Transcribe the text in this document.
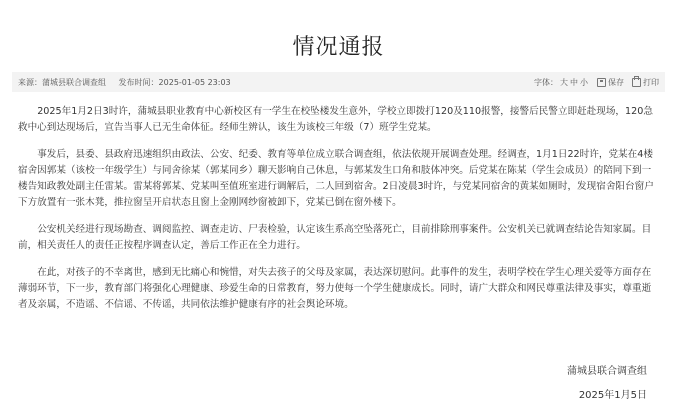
情况通报
来源：蒲城县联合调查组 发布时间：2025-01-05 23:03	字体： 大 中 小	保存 打印

2025年1月2日3时许，蒲城县职业教育中心新校区有一学生在校坠楼发生意外，学校立即拨打120及110报警，接警后民警立即赶赴现场，120急救中心到达现场后，宣告当事人已无生命体征。经师生辨认，该生为该校三年级（7）班学生党某。

事发后，县委、县政府迅速组织由政法、公安、纪委、教育等单位成立联合调查组，依法依规开展调查处理。经调查，1月1日22时许，党某在4楼宿舍因郭某（该校一年级学生）与同舍徐某（郭某同乡）聊天影响自己休息，与郭某发生口角和肢体冲突。后党某在陈某（学生会成员）的陪同下到一楼告知政教处副主任雷某。雷某将郭某、党某叫至值班室进行调解后，二人回到宿舍。2日凌晨3时许，与党某同宿舍的黄某如厕时，发现宿舍阳台窗户下方放置有一张木凳，推拉窗呈开启状态且窗上金刚网纱窗被卸下，党某已倒在窗外楼下。

公安机关经进行现场勘查、调阅监控、调查走访、尸表检验，认定该生系高空坠落死亡，目前排除刑事案件。公安机关已就调查结论告知家属。目前，相关责任人的责任正按程序调查认定，善后工作正在全力进行。

在此，对孩子的不幸离世，感到无比痛心和惋惜，对失去孩子的父母及家属，表达深切慰问。此事件的发生，表明学校在学生心理关爱等方面存在薄弱环节，下一步，教育部门将强化心理健康、珍爱生命的日常教育，努力使每一个学生健康成长。同时，请广大群众和网民尊重法律及事实，尊重逝者及亲属，不造谣、不信谣、不传谣，共同依法维护健康有序的社会舆论环境。

蒲城县联合调查组
2025年1月5日
